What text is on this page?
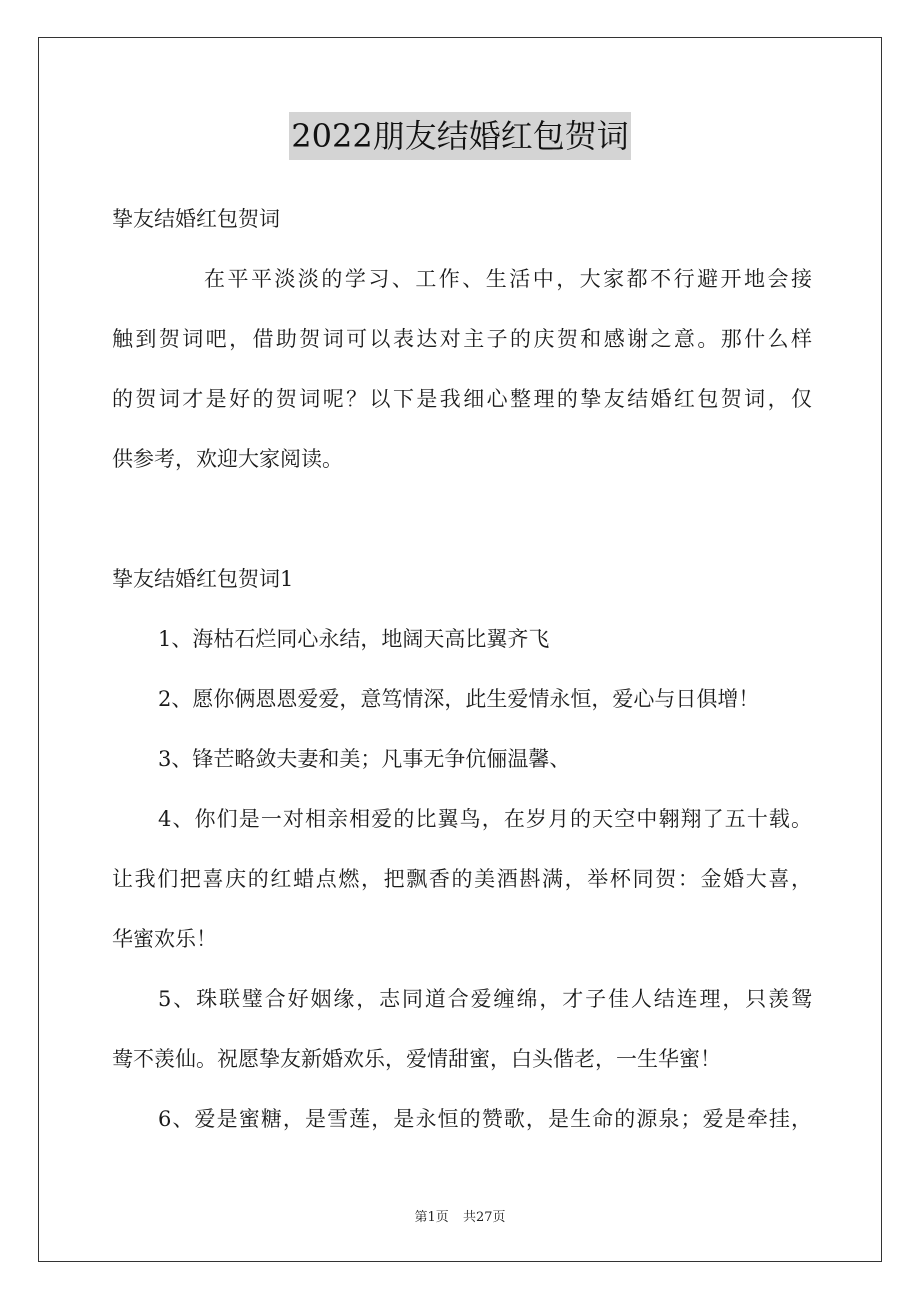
2022朋友结婚红包贺词
挚友结婚红包贺词
在平平淡淡的学习、工作、生活中，大家都不行避开地会接
触到贺词吧，借助贺词可以表达对主子的庆贺和感谢之意。那什么样
的贺词才是好的贺词呢？以下是我细心整理的挚友结婚红包贺词，仅
供参考，欢迎大家阅读。
挚友结婚红包贺词1
1、海枯石烂同心永结，地阔天高比翼齐飞
2、愿你俩恩恩爱爱，意笃情深，此生爱情永恒，爱心与日俱增！
3、锋芒略敛夫妻和美；凡事无争伉俪温馨、
4、你们是一对相亲相爱的比翼鸟，在岁月的天空中翱翔了五十载。
让我们把喜庆的红蜡点燃，把飘香的美酒斟满，举杯同贺：金婚大喜，
华蜜欢乐！
5、珠联璧合好姻缘，志同道合爱缠绵，才子佳人结连理，只羡鸳
鸯不羡仙。祝愿挚友新婚欢乐，爱情甜蜜，白头偕老，一生华蜜！
6、爱是蜜糖，是雪莲，是永恒的赞歌，是生命的源泉；爱是牵挂，
第1页 共27页
